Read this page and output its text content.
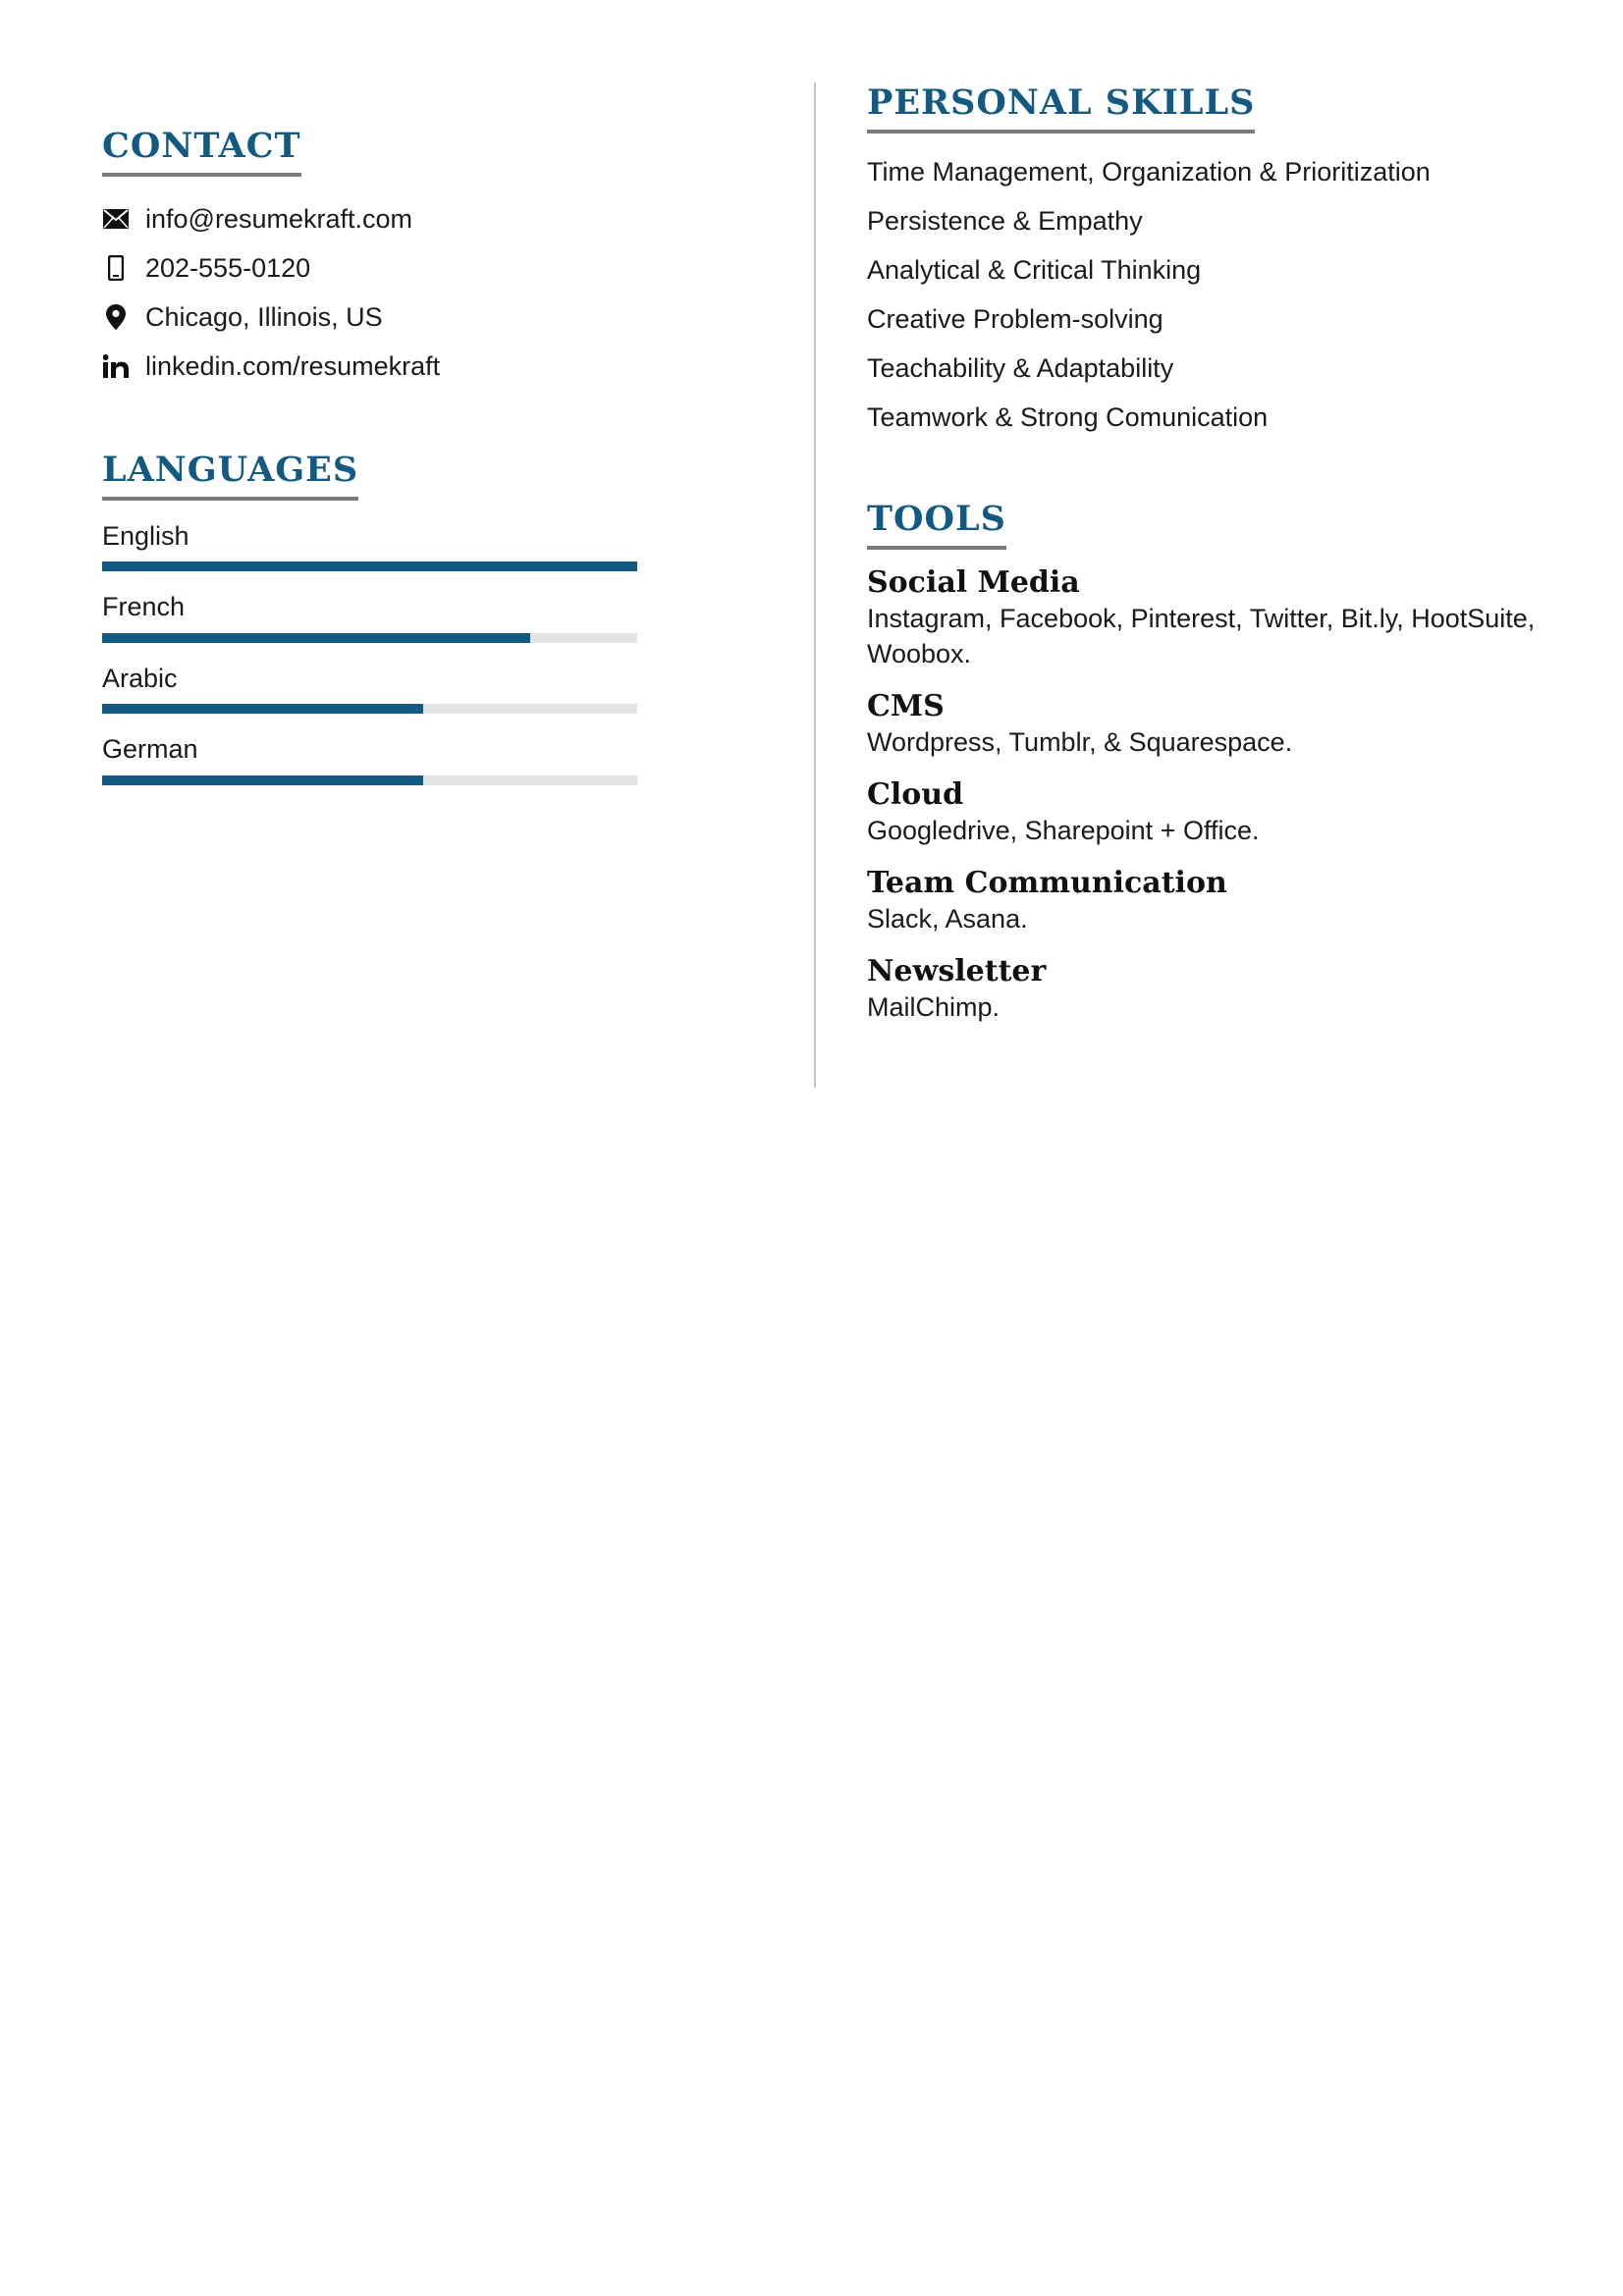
CONTACT
info@resumekraft.com
202-555-0120
Chicago, Illinois, US
linkedin.com/resumekraft
LANGUAGES
English
French
Arabic
German
PERSONAL SKILLS
Time Management, Organization & Prioritization
Persistence & Empathy
Analytical & Critical Thinking
Creative Problem-solving
Teachability & Adaptability
Teamwork & Strong Comunication
TOOLS
Social Media
Instagram, Facebook, Pinterest, Twitter, Bit.ly, HootSuite, Woobox.
CMS
Wordpress, Tumblr, & Squarespace.
Cloud
Googledrive, Sharepoint + Office.
Team Communication
Slack, Asana.
Newsletter
MailChimp.
